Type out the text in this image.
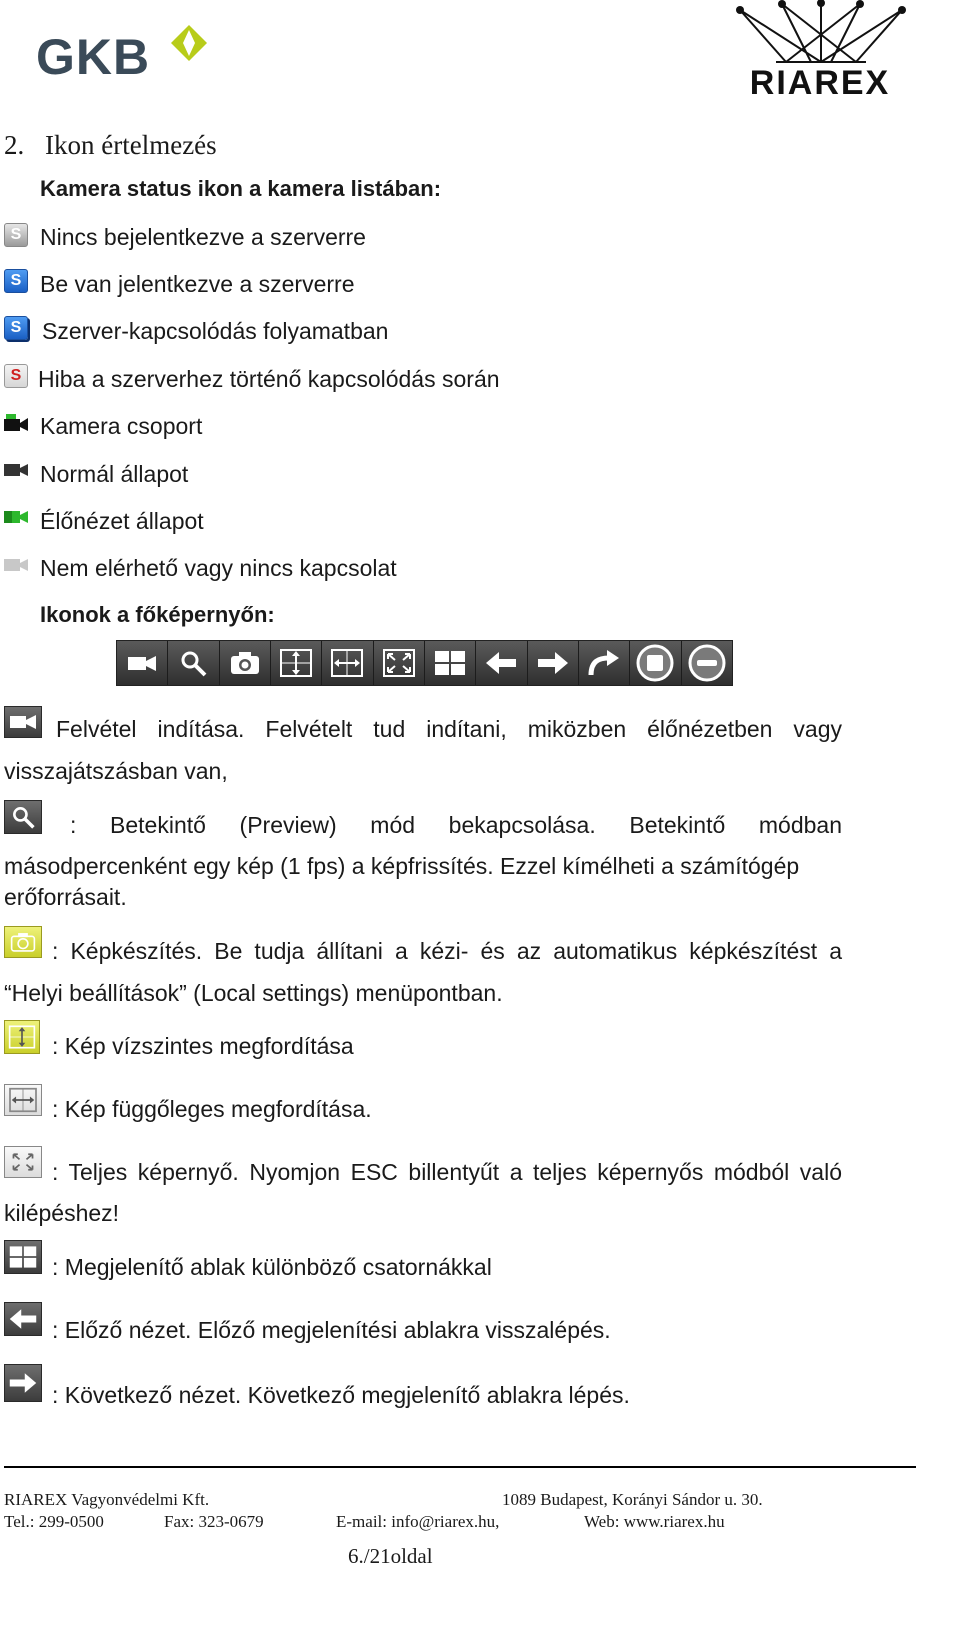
GKB	RIAREX
2. Ikon értelmezés
Kamera status ikon a kamera listában:
S Nincs bejelentkezve a szerverre
S Be van jelentkezve a szerverre
S Szerver-kapcsolódás folyamatban
S Hiba a szerverhez történő kapcsolódás során
Kamera csoport
Normál állapot
Élőnézet állapot
Nem elérhető vagy nincs kapcsolat
Ikonok a főképernyőn:
Felvétel indítása. Felvételt tud indítani, miközben élőnézetben vagy
visszajátszásban van,
: Betekintő (Preview) mód bekapcsolása. Betekintő módban
másodpercenként egy kép (1 fps) a képfrissítés. Ezzel kímélheti a számítógép
erőforrásait.
: Képkészítés. Be tudja állítani a kézi- és az automatikus képkészítést a
“Helyi beállítások” (Local settings) menüpontban.
: Kép vízszintes megfordítása
: Kép függőleges megfordítása.
: Teljes képernyő. Nyomjon ESC billentyűt a teljes képernyős módból való
kilépéshez!
: Megjelenítő ablak különböző csatornákkal
: Előző nézet. Előző megjelenítési ablakra visszalépés.
: Következő nézet. Következő megjelenítő ablakra lépés.
RIAREX Vagyonvédelmi Kft.	1089 Budapest, Korányi Sándor u. 30.
Tel.: 299-0500	Fax: 323-0679	E-mail: info@riarex.hu,	Web: www.riarex.hu
6./21oldal
